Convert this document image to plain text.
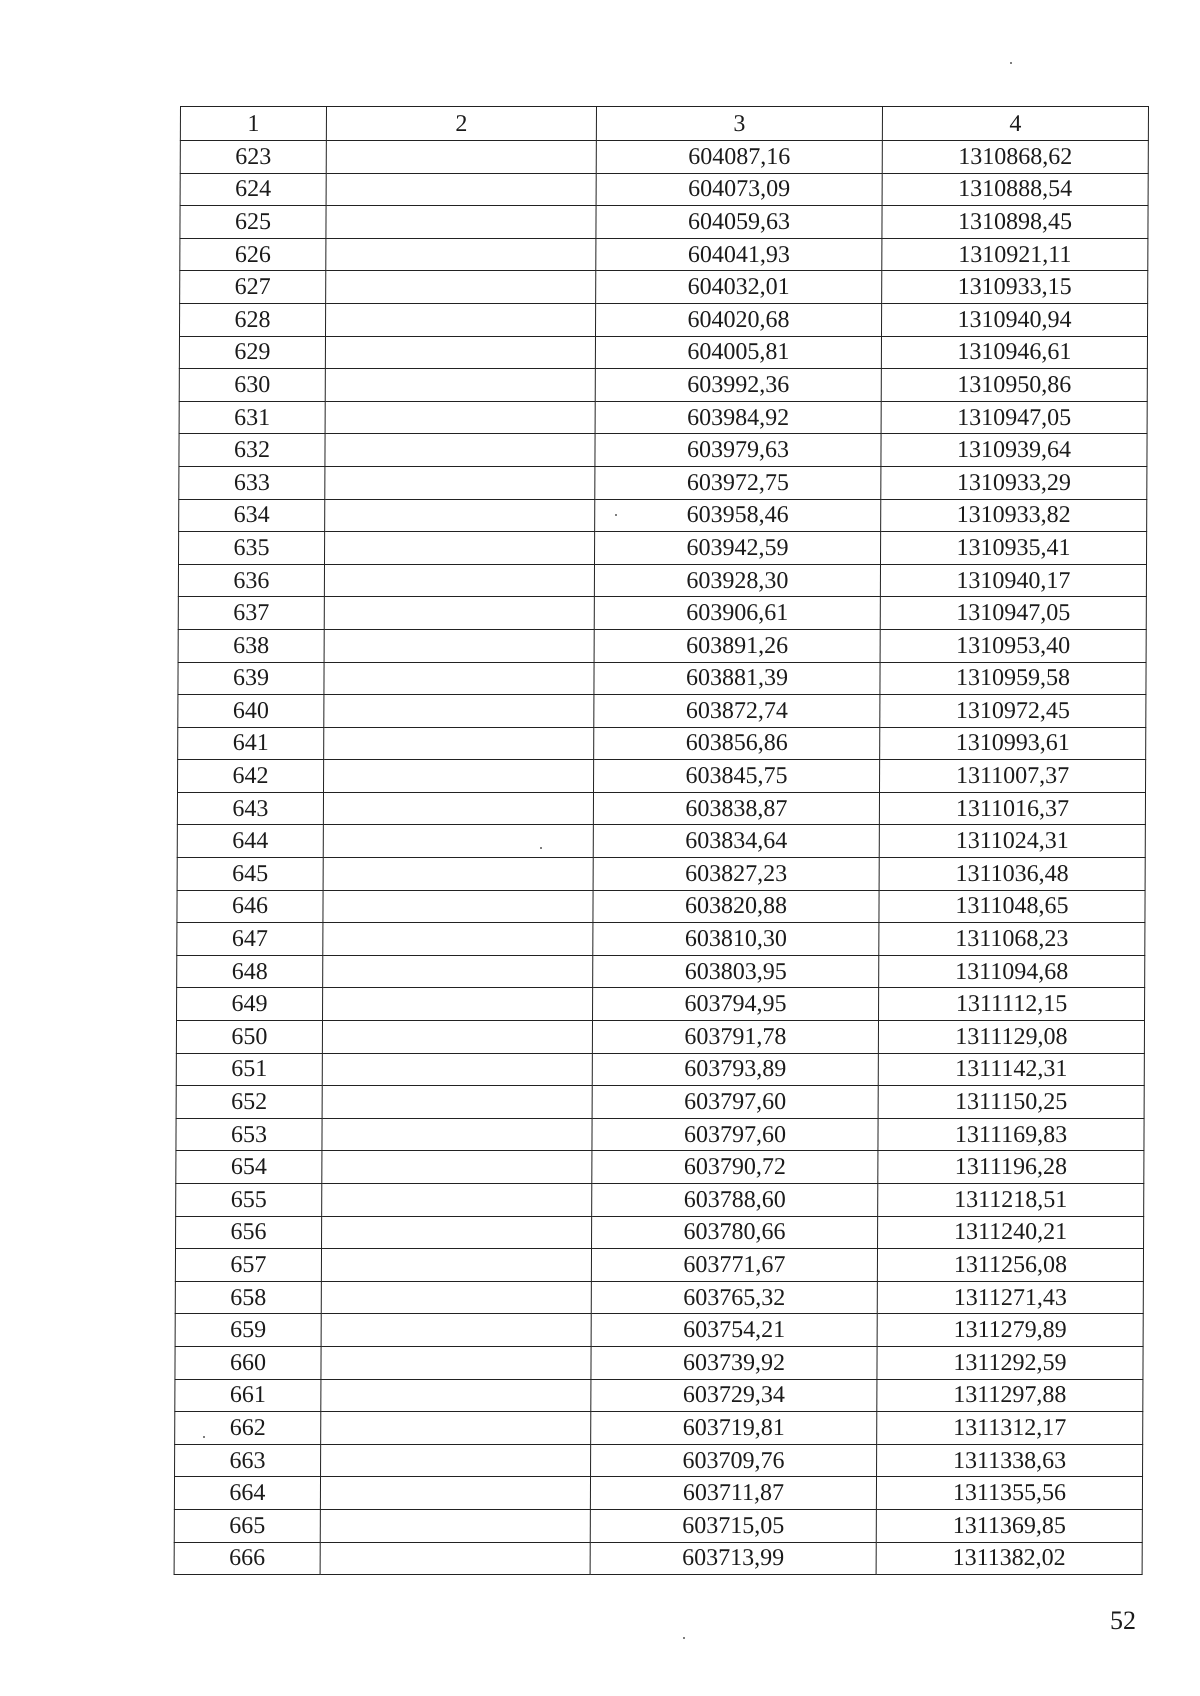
1	2	3	4
623		604087,16	1310868,62
624		604073,09	1310888,54
625		604059,63	1310898,45
626		604041,93	1310921,11
627		604032,01	1310933,15
628		604020,68	1310940,94
629		604005,81	1310946,61
630		603992,36	1310950,86
631		603984,92	1310947,05
632		603979,63	1310939,64
633		603972,75	1310933,29
634		603958,46	1310933,82
635		603942,59	1310935,41
636		603928,30	1310940,17
637		603906,61	1310947,05
638		603891,26	1310953,40
639		603881,39	1310959,58
640		603872,74	1310972,45
641		603856,86	1310993,61
642		603845,75	1311007,37
643		603838,87	1311016,37
644		603834,64	1311024,31
645		603827,23	1311036,48
646		603820,88	1311048,65
647		603810,30	1311068,23
648		603803,95	1311094,68
649		603794,95	1311112,15
650		603791,78	1311129,08
651		603793,89	1311142,31
652		603797,60	1311150,25
653		603797,60	1311169,83
654		603790,72	1311196,28
655		603788,60	1311218,51
656		603780,66	1311240,21
657		603771,67	1311256,08
658		603765,32	1311271,43
659		603754,21	1311279,89
660		603739,92	1311292,59
661		603729,34	1311297,88
662		603719,81	1311312,17
663		603709,76	1311338,63
664		603711,87	1311355,56
665		603715,05	1311369,85
666		603713,99	1311382,02
52
